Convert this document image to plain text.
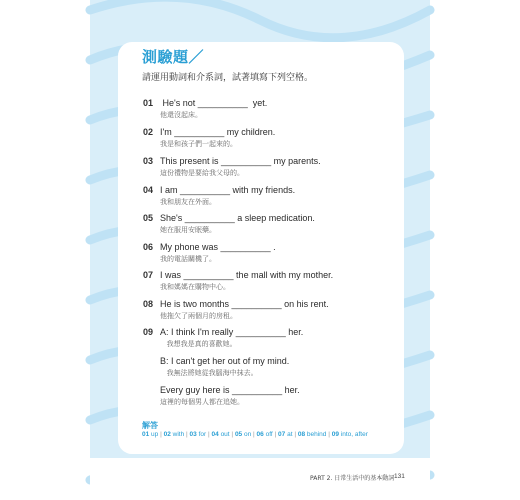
測驗題／
請運用動詞和介系詞，試著填寫下列空格。
01 He's not __________  yet.
他還沒起床。
02 I'm __________ my children.
我是和孩子們一起來的。
03 This present is __________ my parents.
這份禮物是要給我父母的。
04 I am __________ with my friends.
我和朋友在外面。
05 She's __________ a sleep medication.
她在服用安眠藥。
06 My phone was __________ .
我的電話關機了。
07 I was __________ the mall with my mother.
我和媽媽在購物中心。
08 He is two months __________ on his rent.
他拖欠了兩個月的房租。
09 A: I think I'm really __________ her.
我想我是真的喜歡她。
B: I can't get her out of my mind.
我無法將她從我腦海中抹去。
Every guy here is __________ her.
這裡的每個男人都在追她。
解答
01 up | 02 with | 03 for | 04 out | 05 on | 06 off | 07 at | 08 behind | 09 into, after
PART 2. 日常生活中的基本動詞 131
